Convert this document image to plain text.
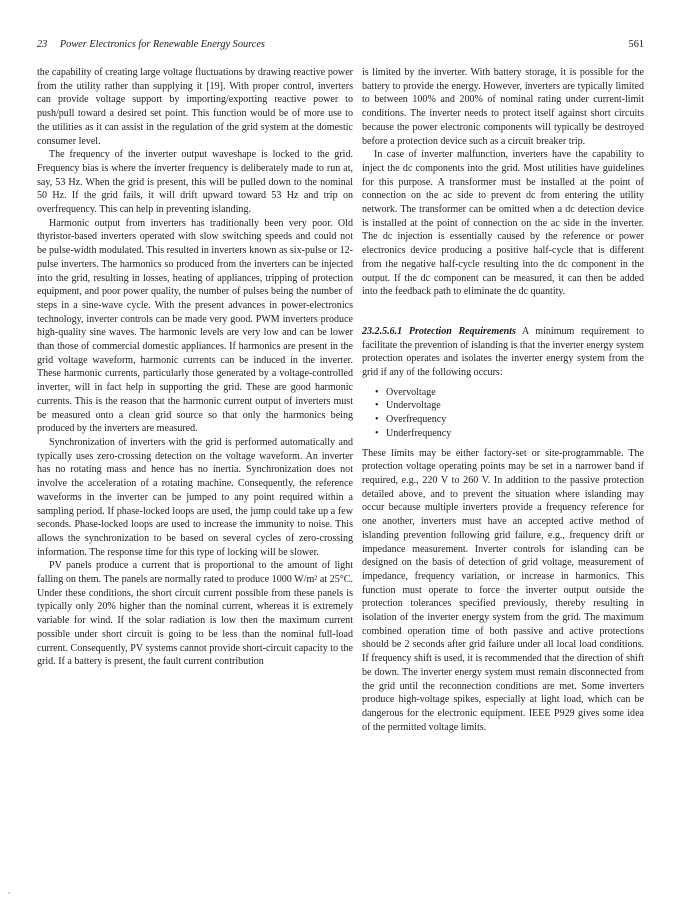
23 Power Electronics for Renewable Energy Sources	561

the capability of creating large voltage fluctuations by drawing reactive power from the utility rather than supplying it [19]. With proper control, inverters can provide voltage support by importing/exporting reactive power to push/pull toward a desired set point. This function would be of more use to the utilities as it can assist in the regulation of the grid system at the domestic consumer level.

The frequency of the inverter output waveshape is locked to the grid. Frequency bias is where the inverter frequency is deliberately made to run at, say, 53 Hz. When the grid is present, this will be pulled down to the nominal 50 Hz. If the grid fails, it will drift upward toward 53 Hz and trip on overfrequency. This can help in preventing islanding.

Harmonic output from inverters has traditionally been very poor. Old thyristor-based inverters operated with slow switching speeds and could not be pulse-width modulated. This resulted in inverters known as six-pulse or 12-pulse inverters. The harmonics so produced from the inverters can be injected into the grid, resulting in losses, heating of appliances, tripping of protection equipment, and poor power quality, the number of pulses being the number of steps in a sine-wave cycle. With the present advances in power-electronics technology, inverter controls can be made very good. PWM inverters produce high-quality sine waves. The harmonic levels are very low and can be lower than those of commercial domestic appliances. If harmonics are present in the grid voltage waveform, harmonic currents can be induced in the inverter. These harmonic currents, particularly those generated by a voltage-controlled inverter, will in fact help in supporting the grid. These are good harmonic currents. This is the reason that the harmonic current output of inverters must be measured onto a clean grid source so that only the harmonics being produced by the inverters are measured.

Synchronization of inverters with the grid is performed automatically and typically uses zero-crossing detection on the voltage waveform. An inverter has no rotating mass and hence has no inertia. Synchronization does not involve the acceleration of a rotating machine. Consequently, the reference waveforms in the inverter can be jumped to any point required within a sampling period. If phase-locked loops are used, the jump could take up a few seconds. Phase-locked loops are used to increase the immunity to noise. This allows the synchronization to be based on several cycles of zero-crossing information. The response time for this type of locking will be slower.

PV panels produce a current that is proportional to the amount of light falling on them. The panels are normally rated to produce 1000 W/m² at 25°C. Under these conditions, the short circuit current possible from these panels is typically only 20% higher than the nominal current, whereas it is extremely variable for wind. If the solar radiation is low then the maximum current possible under short circuit is going to be less than the nominal full-load current. Consequently, PV systems cannot provide short-circuit capacity to the grid. If a battery is present, the fault current contribution

is limited by the inverter. With battery storage, it is possible for the battery to provide the energy. However, inverters are typically limited to between 100% and 200% of nominal rating under current-limit conditions. The inverter needs to protect itself against short circuits because the power electronic components will typically be destroyed before a protection device such as a circuit breaker trip.

In case of inverter malfunction, inverters have the capability to inject the dc components into the grid. Most utilities have guidelines for this purpose. A transformer must be installed at the point of connection on the ac side to prevent dc from entering the utility network. The transformer can be omitted when a dc detection device is installed at the point of connection on the ac side in the inverter. The dc injection is essentially caused by the reference or power electronics device producing a positive half-cycle that is different from the negative half-cycle resulting into the dc component in the output. If the dc component can be measured, it can then be added into the feedback path to eliminate the dc quantity.

23.2.5.6.1 Protection Requirements A minimum requirement to facilitate the prevention of islanding is that the inverter energy system protection operates and isolates the inverter energy system from the grid if any of the following occurs:

• Overvoltage
• Undervoltage
• Overfrequency
• Underfrequency

These limits may be either factory-set or site-programmable. The protection voltage operating points may be set in a narrower band if required, e.g., 220 V to 260 V. In addition to the passive protection detailed above, and to prevent the situation where islanding may occur because multiple inverters provide a frequency reference for one another, inverters must have an accepted active method of islanding prevention following grid failure, e.g., frequency drift or impedance measurement. Inverter controls for islanding can be designed on the basis of detection of grid voltage, measurement of impedance, frequency variation, or increase in harmonics. This function must operate to force the inverter output outside the protection tolerances specified previously, thereby resulting in isolation of the inverter energy system from the grid. The maximum combined operation time of both passive and active protections should be 2 seconds after grid failure under all local load conditions. If frequency shift is used, it is recommended that the direction of shift be down. The inverter energy system must remain disconnected from the grid until the reconnection conditions are met. Some inverters produce high-voltage spikes, especially at light load, which can be dangerous for the electronic equipment. IEEE P929 gives some idea of the permitted voltage limits.
